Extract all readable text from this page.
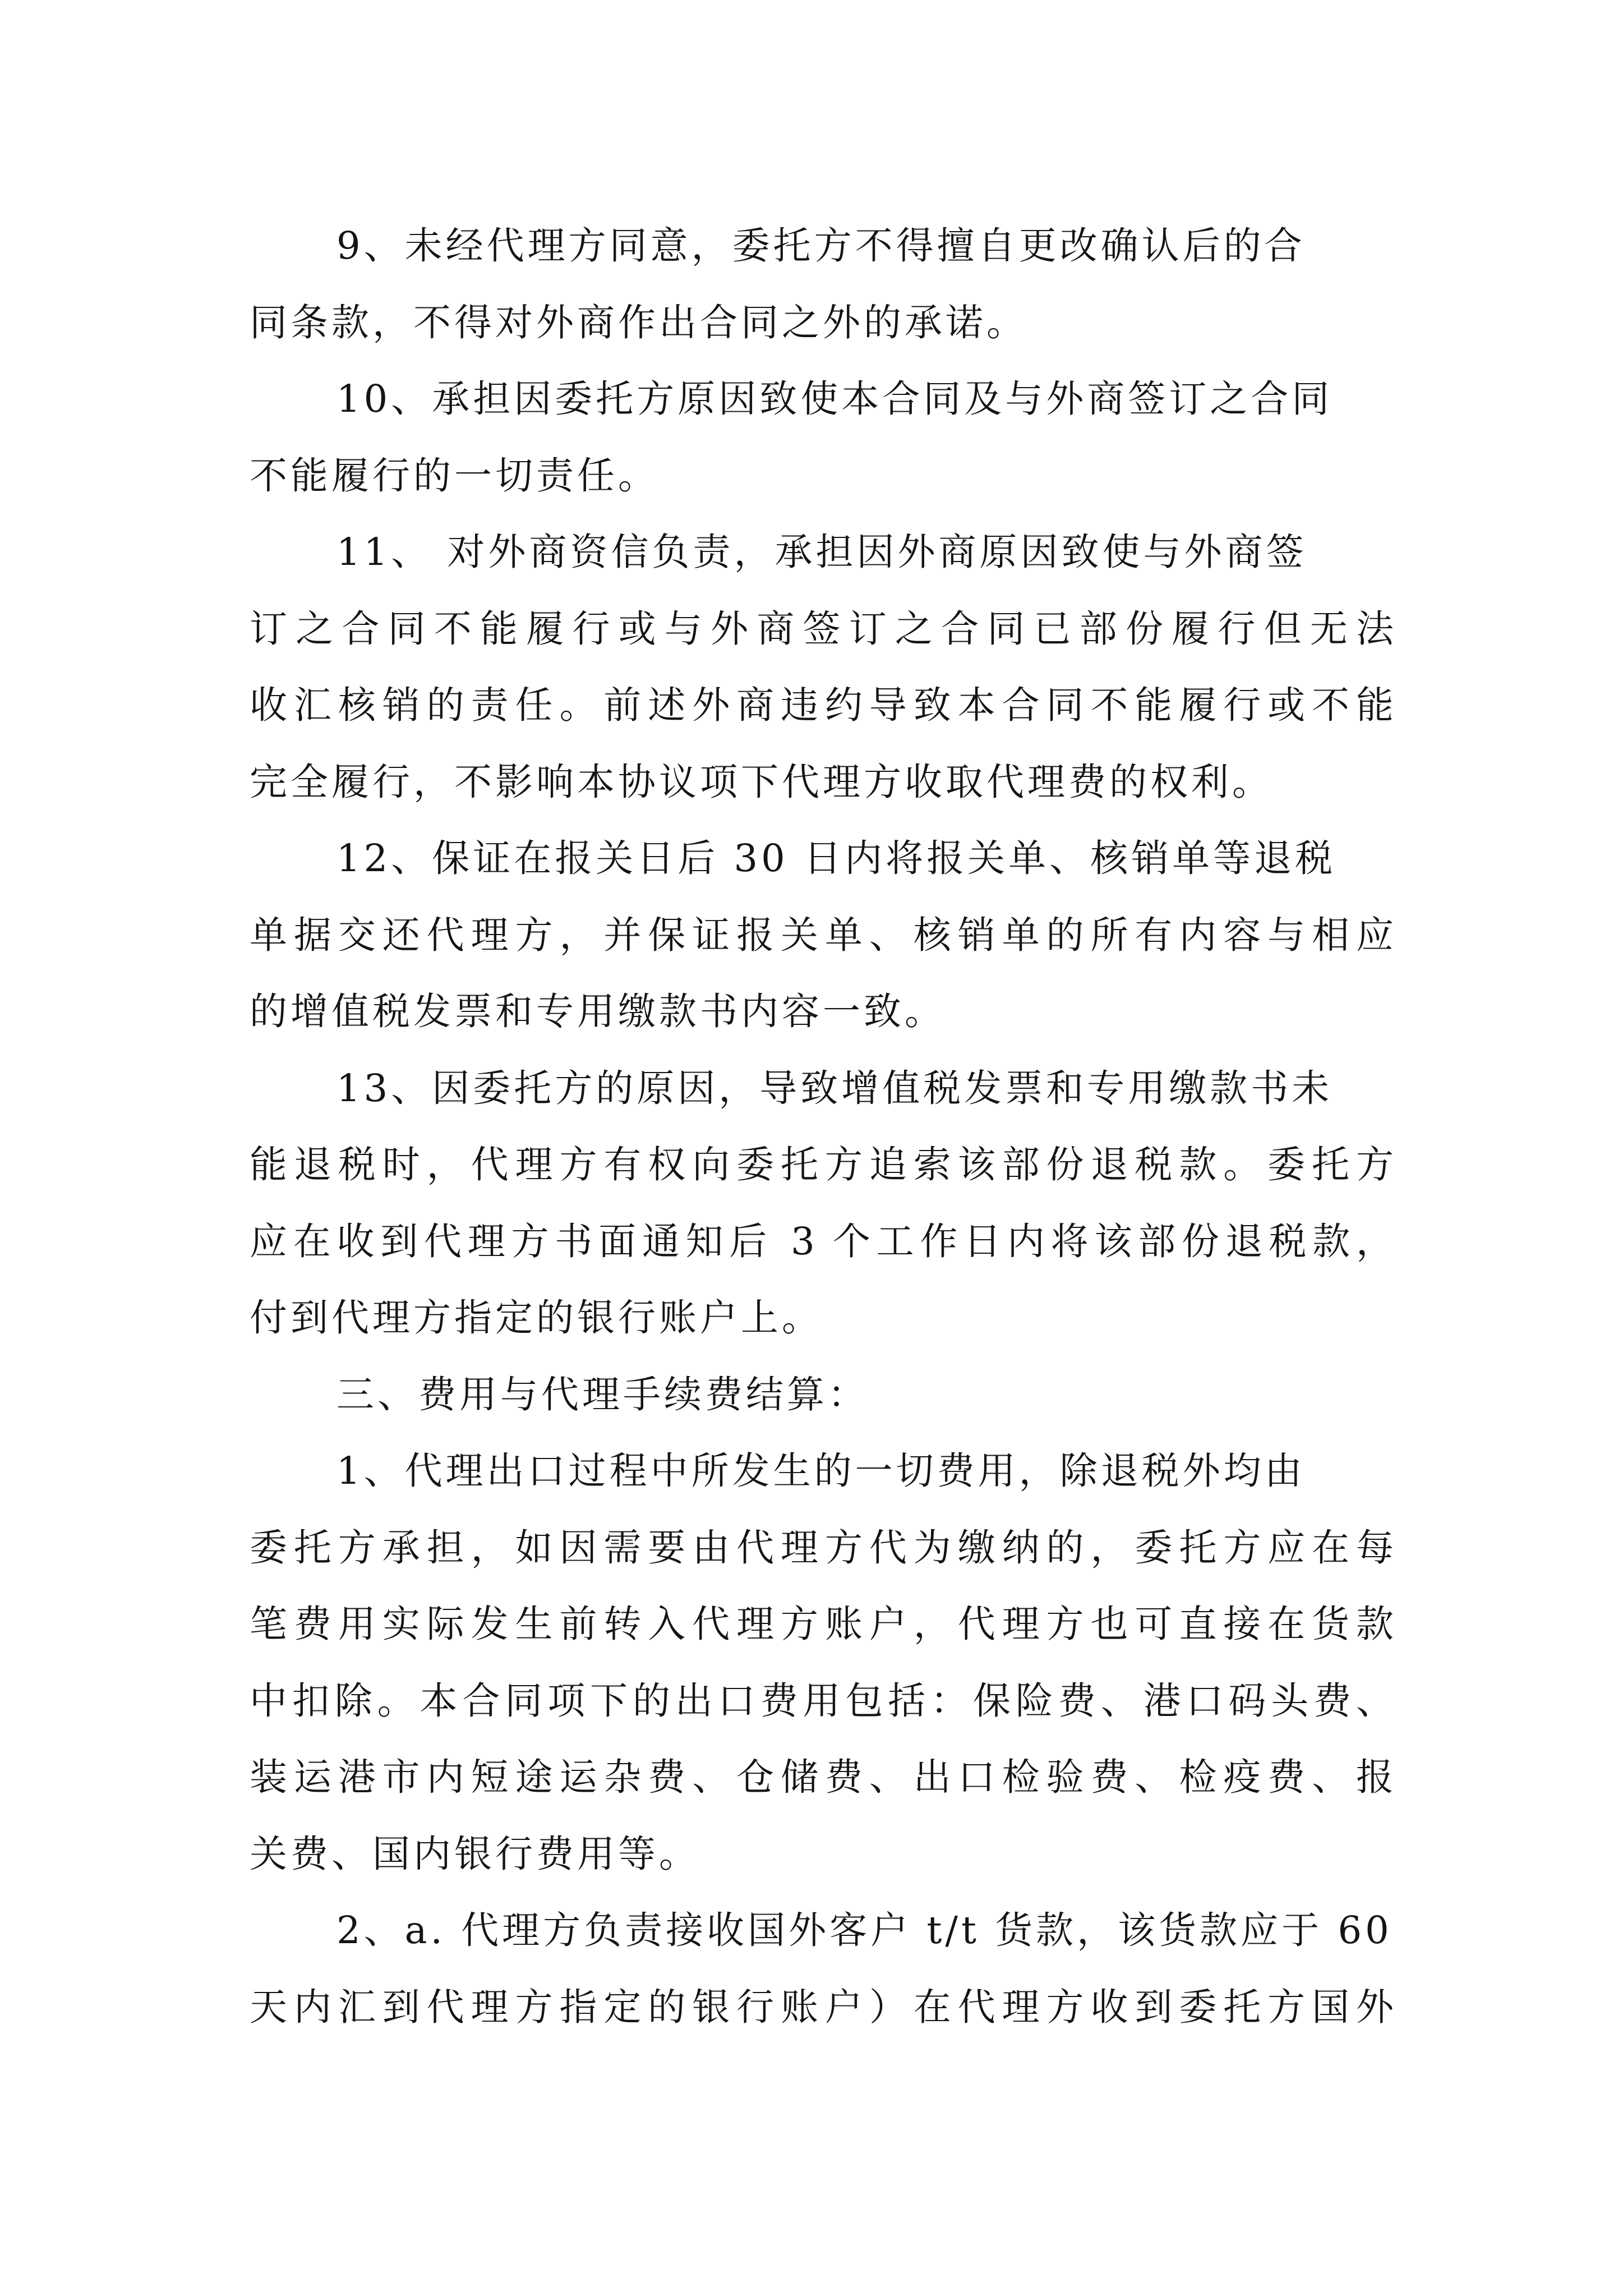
9、未经代理方同意，委托方不得擅自更改确认后的合
同条款，不得对外商作出合同之外的承诺。
10、承担因委托方原因致使本合同及与外商签订之合同
不能履行的一切责任。
11、 对外商资信负责，承担因外商原因致使与外商签
订之合同不能履行或与外商签订之合同已部份履行但无法
收汇核销的责任。前述外商违约导致本合同不能履行或不能
完全履行，不影响本协议项下代理方收取代理费的权利。
12、保证在报关日后 30 日内将报关单、核销单等退税
单据交还代理方，并保证报关单、核销单的所有内容与相应
的增值税发票和专用缴款书内容一致。
13、因委托方的原因，导致增值税发票和专用缴款书未
能退税时，代理方有权向委托方追索该部份退税款。委托方
应在收到代理方书面通知后 3 个工作日内将该部份退税款，
付到代理方指定的银行账户上。
三、费用与代理手续费结算：
1、代理出口过程中所发生的一切费用，除退税外均由
委托方承担，如因需要由代理方代为缴纳的，委托方应在每
笔费用实际发生前转入代理方账户，代理方也可直接在货款
中扣除。本合同项下的出口费用包括：保险费、港口码头费、
装运港市内短途运杂费、仓储费、出口检验费、检疫费、报
关费、国内银行费用等。
2、a. 代理方负责接收国外客户 t/t 货款，该货款应于 60
天内汇到代理方指定的银行账户）在代理方收到委托方国外
